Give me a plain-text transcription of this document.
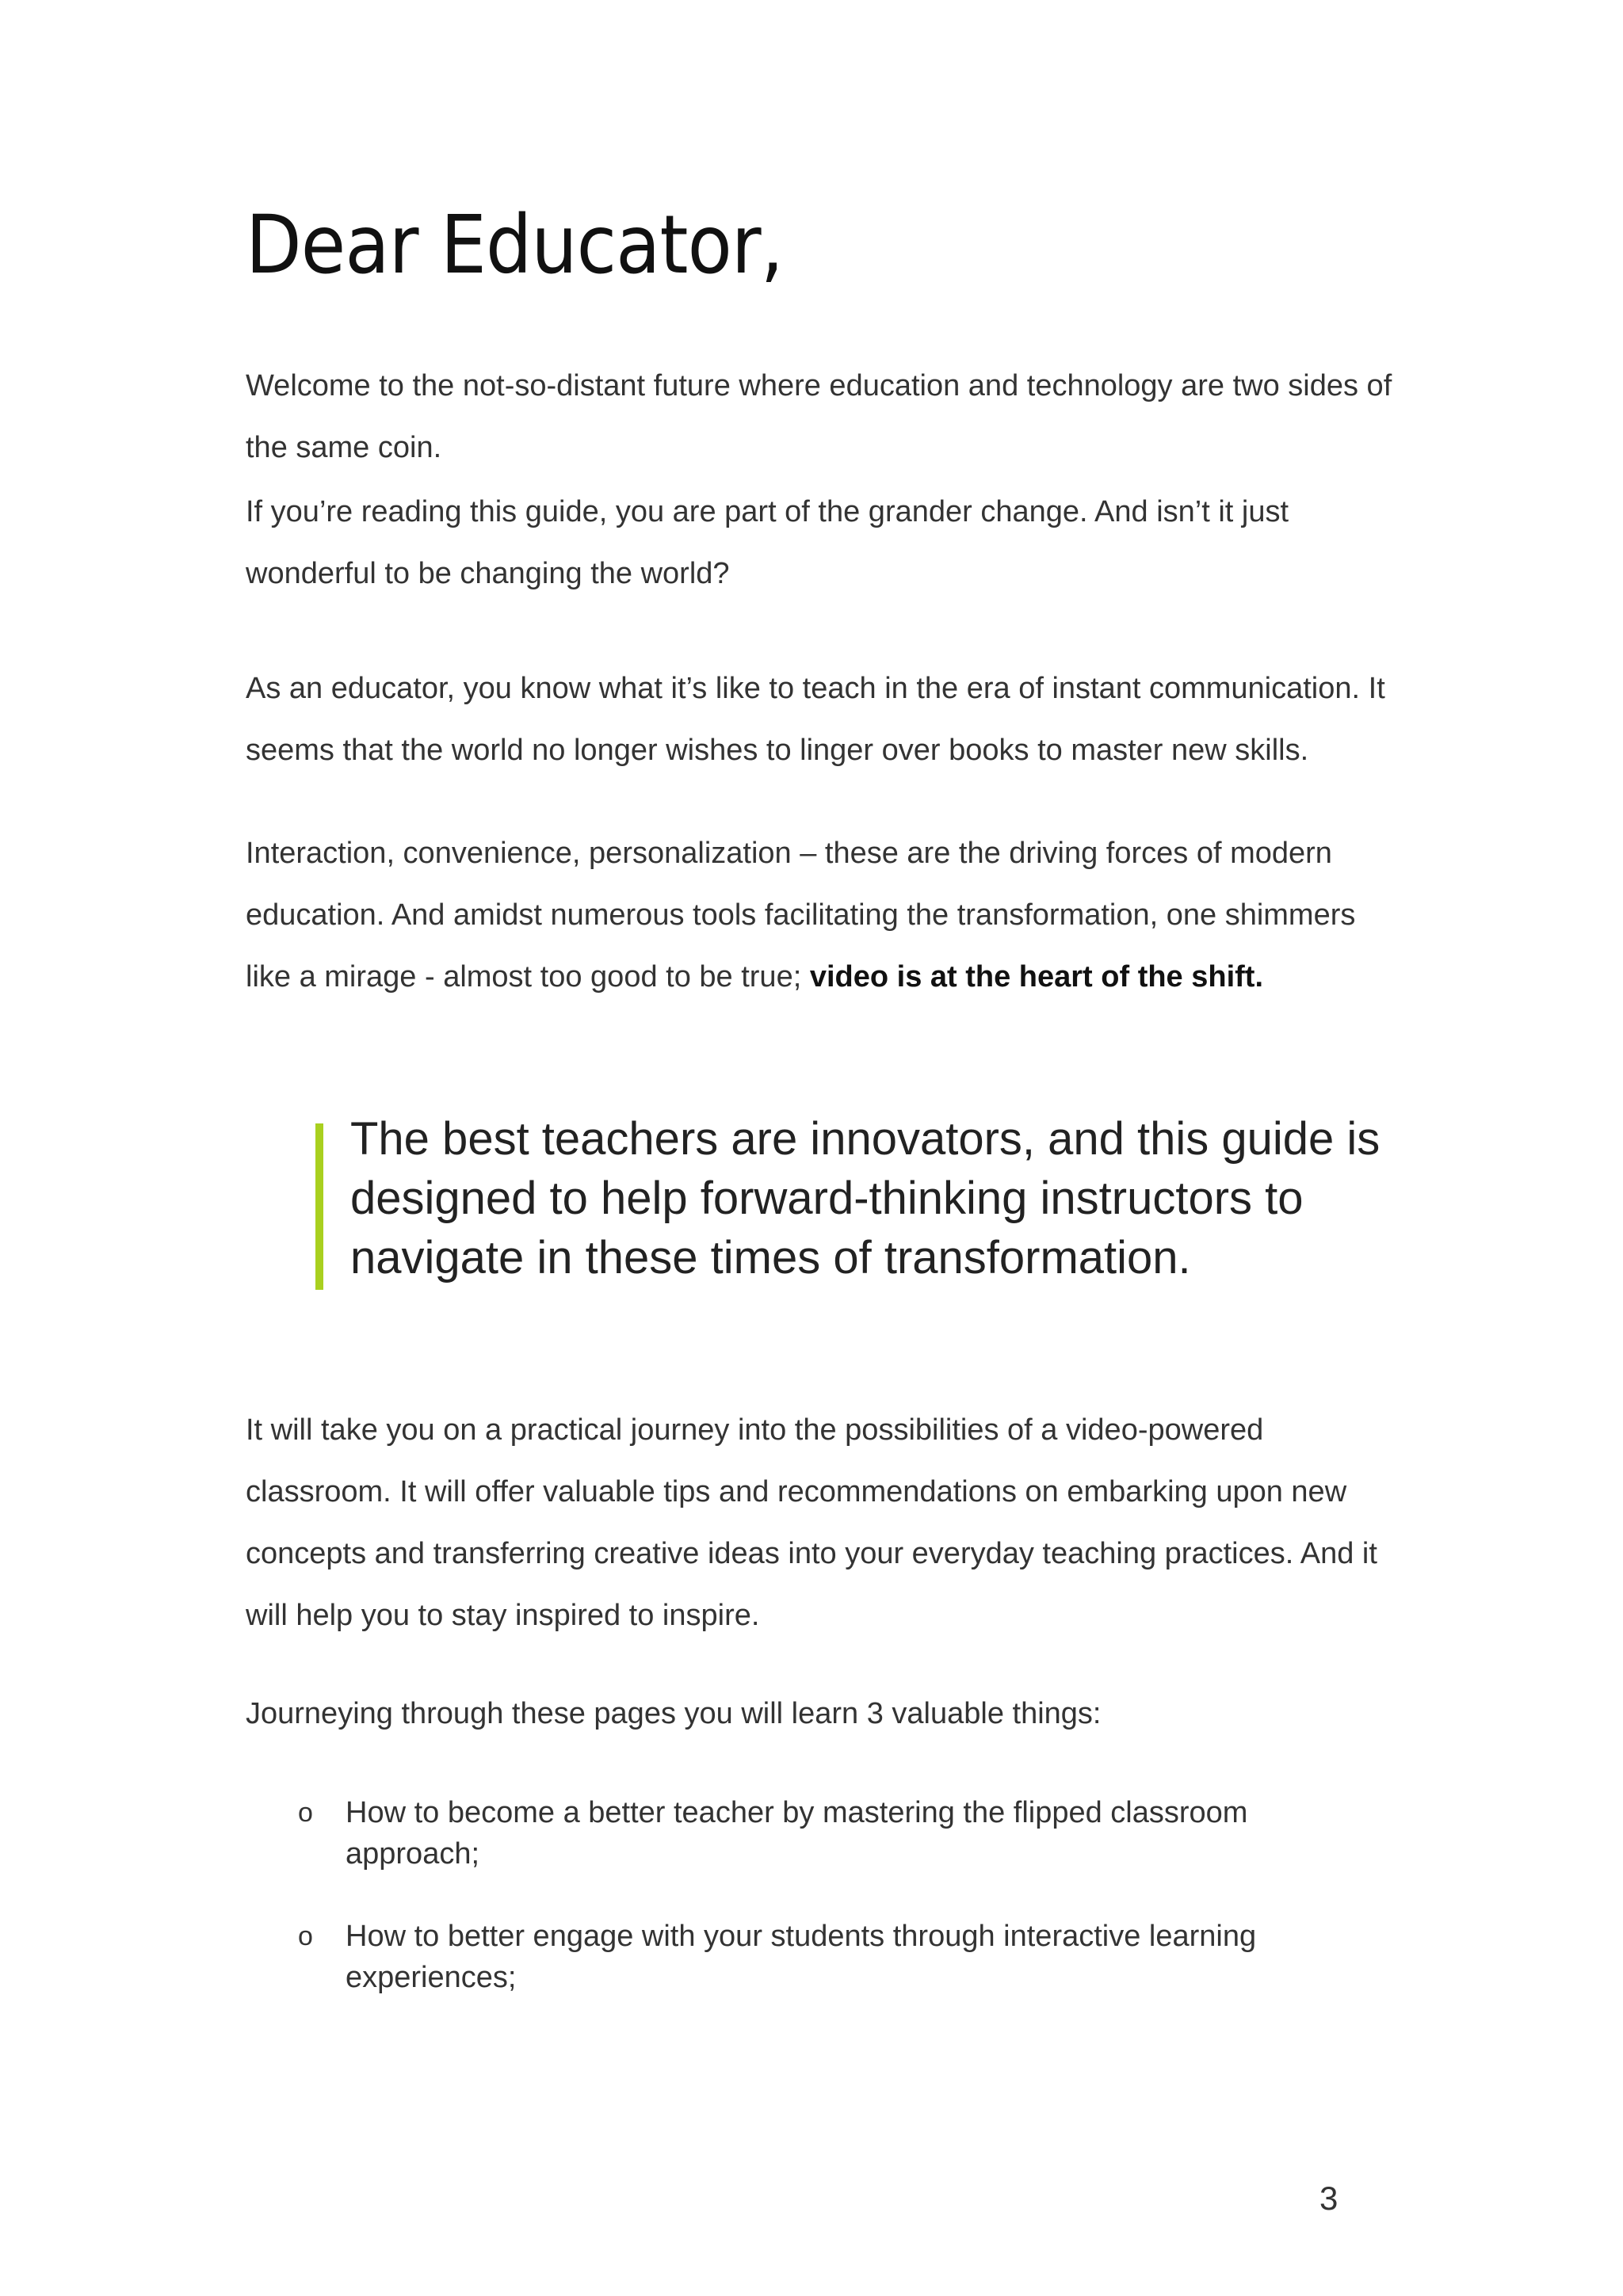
Dear Educator,

Welcome to the not-so-distant future where education and technology are two sides of the same coin.

If you’re reading this guide, you are part of the grander change. And isn’t it just wonderful to be changing the world?

As an educator, you know what it’s like to teach in the era of instant communication. It seems that the world no longer wishes to linger over books to master new skills.

Interaction, convenience, personalization – these are the driving forces of modern education. And amidst numerous tools facilitating the transformation, one shimmers like a mirage - almost too good to be true; video is at the heart of the shift.

The best teachers are innovators, and this guide is designed to help forward-thinking instructors to navigate in these times of transformation.

It will take you on a practical journey into the possibilities of a video-powered classroom. It will offer valuable tips and recommendations on embarking upon new concepts and transferring creative ideas into your everyday teaching practices. And it will help you to stay inspired to inspire.

Journeying through these pages you will learn 3 valuable things:

o How to become a better teacher by mastering the flipped classroom approach;
o How to better engage with your students through interactive learning experiences;

3
